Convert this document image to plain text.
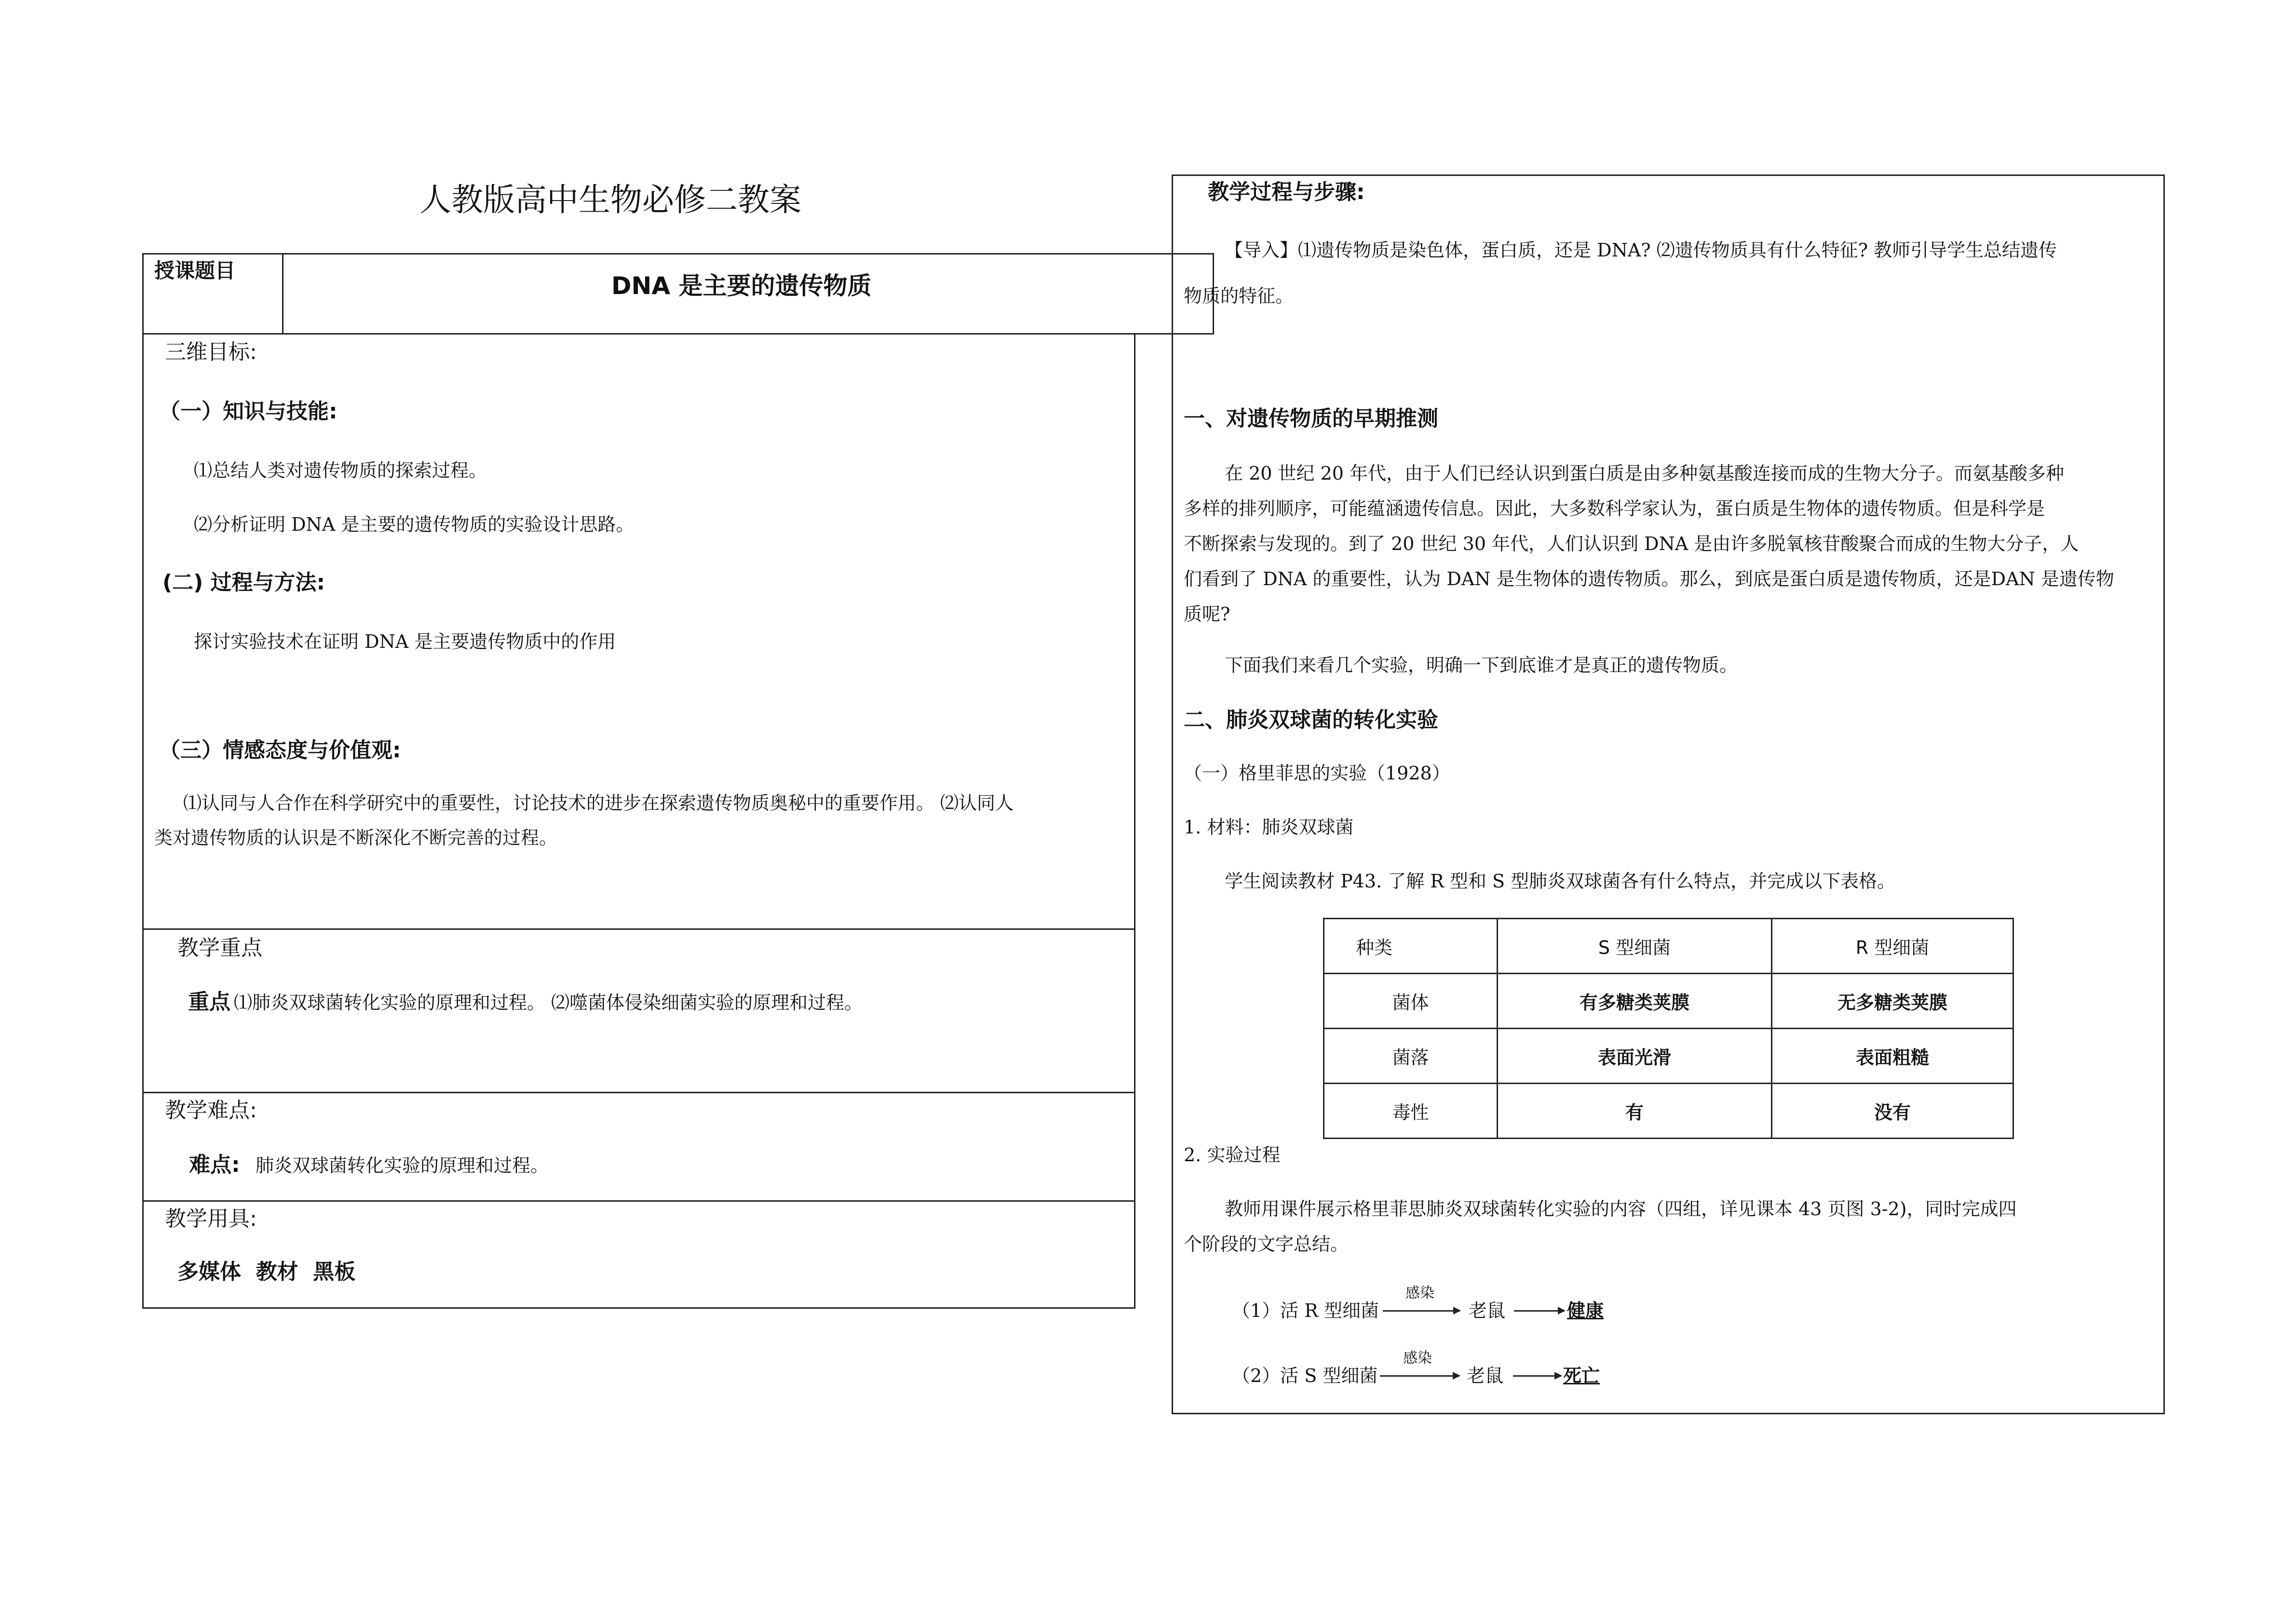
人教版高中生物必修二教案
授课题目
DNA 是主要的遗传物质
三维目标:
（一）知识与技能:
⑴总结人类对遗传物质的探索过程。
⑵分析证明 DNA 是主要的遗传物质的实验设计思路。
(二) 过程与方法:
探讨实验技术在证明 DNA 是主要遗传物质中的作用
（三）情感态度与价值观:
⑴认同与人合作在科学研究中的重要性，讨论技术的进步在探索遗传物质奥秘中的重要作用。 ⑵认同人
类对遗传物质的认识是不断深化不断完善的过程。
教学重点
重点 ⑴肺炎双球菌转化实验的原理和过程。 ⑵噬菌体侵染细菌实验的原理和过程。
教学难点:
难点: 肺炎双球菌转化实验的原理和过程。
教学用具:
多媒体  教材  黑板
教学过程与步骤:
【导入】⑴遗传物质是染色体，蛋白质，还是 DNA? ⑵遗传物质具有什么特征? 教师引导学生总结遗传
物质的特征。
一、对遗传物质的早期推测
在 20 世纪 20 年代，由于人们已经认识到蛋白质是由多种氨基酸连接而成的生物大分子。而氨基酸多种
多样的排列顺序，可能蕴涵遗传信息。因此，大多数科学家认为，蛋白质是生物体的遗传物质。但是科学是
不断探索与发现的。到了 20 世纪 30 年代，人们认识到 DNA 是由许多脱氧核苷酸聚合而成的生物大分子，人
们看到了 DNA 的重要性，认为 DAN 是生物体的遗传物质。那么，到底是蛋白质是遗传物质，还是DAN 是遗传物
质呢?
下面我们来看几个实验，明确一下到底谁才是真正的遗传物质。
二、肺炎双球菌的转化实验
（一）格里菲思的实验（1928）
1. 材料：肺炎双球菌
学生阅读教材 P43. 了解 R 型和 S 型肺炎双球菌各有什么特点，并完成以下表格。
种类	S 型细菌	R 型细菌
菌体	有多糖类荚膜	无多糖类荚膜
菌落	表面光滑	表面粗糙
毒性	有	没有
2. 实验过程
教师用课件展示格里菲思肺炎双球菌转化实验的内容（四组，详见课本 43 页图 3-2)，同时完成四
个阶段的文字总结。
（1）活 R 型细菌
感染
老鼠	健康
（2）活 S 型细菌
感染
老鼠	死亡
